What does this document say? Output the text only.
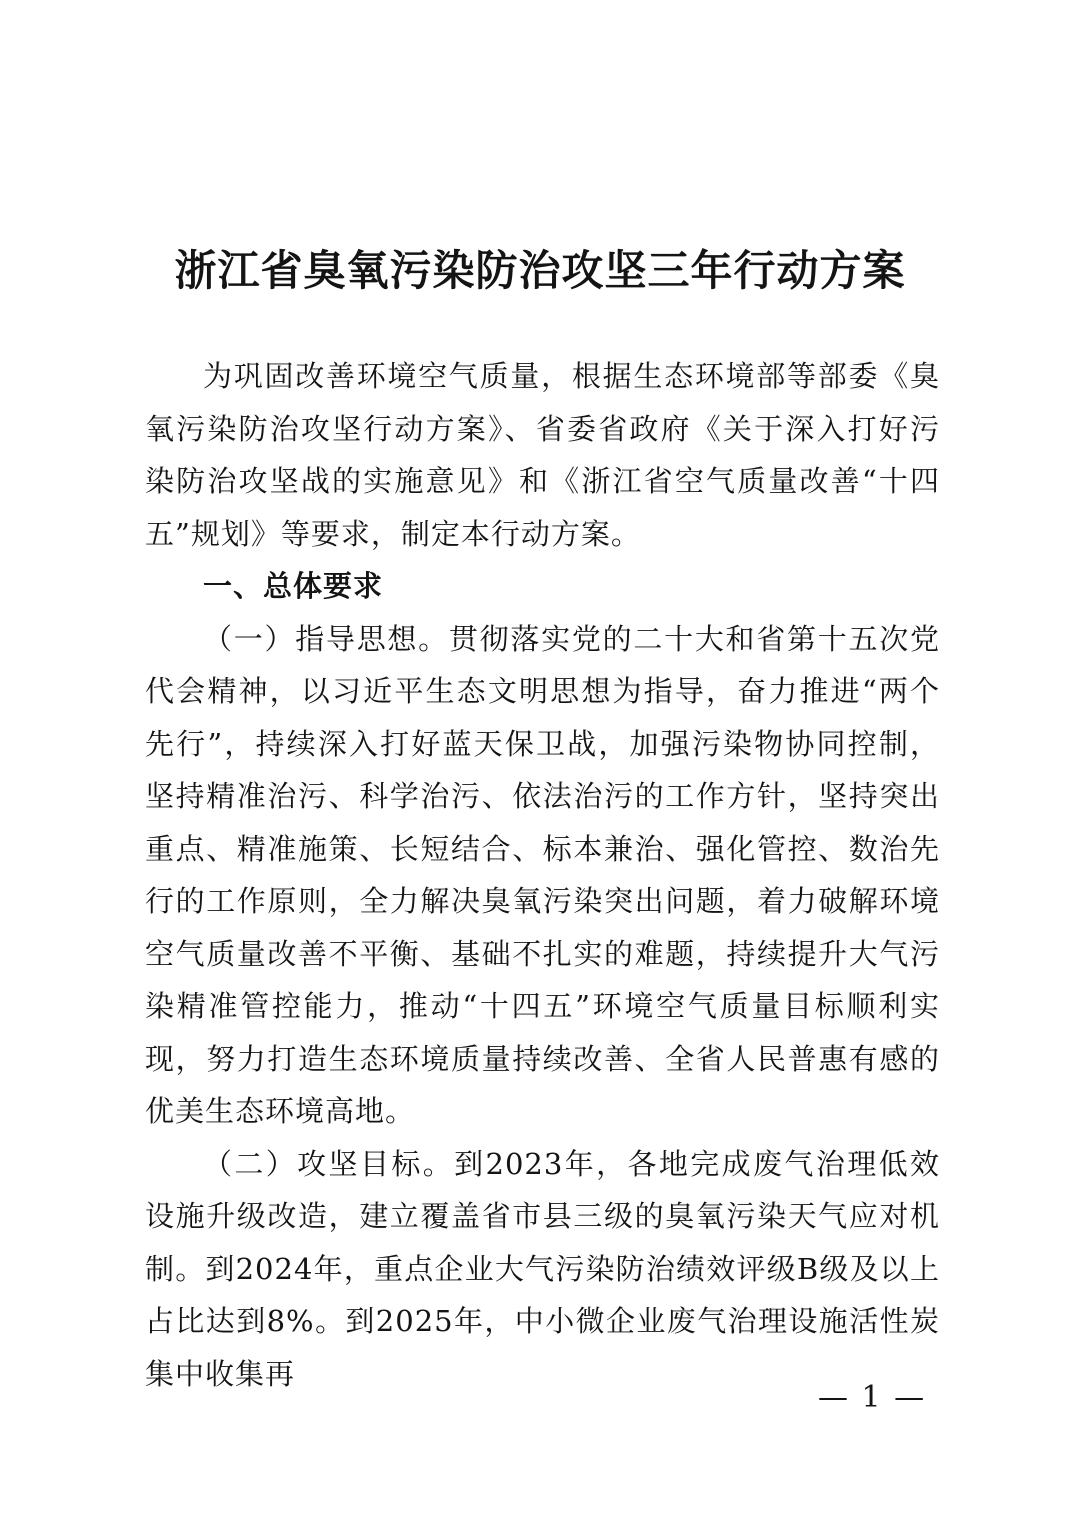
浙江省臭氧污染防治攻坚三年行动方案

为巩固改善环境空气质量，根据生态环境部等部委《臭氧污染防治攻坚行动方案》、省委省政府《关于深入打好污染防治攻坚战的实施意见》和《浙江省空气质量改善“十四五”规划》等要求，制定本行动方案。

一、总体要求

（一）指导思想。贯彻落实党的二十大和省第十五次党代会精神，以习近平生态文明思想为指导，奋力推进“两个先行”，持续深入打好蓝天保卫战，加强污染物协同控制，坚持精准治污、科学治污、依法治污的工作方针，坚持突出重点、精准施策、长短结合、标本兼治、强化管控、数治先行的工作原则，全力解决臭氧污染突出问题，着力破解环境空气质量改善不平衡、基础不扎实的难题，持续提升大气污染精准管控能力，推动“十四五”环境空气质量目标顺利实现，努力打造生态环境质量持续改善、全省人民普惠有感的优美生态环境高地。

（二）攻坚目标。到2023年，各地完成废气治理低效设施升级改造，建立覆盖省市县三级的臭氧污染天气应对机制。到2024年，重点企业大气污染防治绩效评级B级及以上占比达到8%。到2025年，中小微企业废气治理设施活性炭集中收集再

— 1 —
